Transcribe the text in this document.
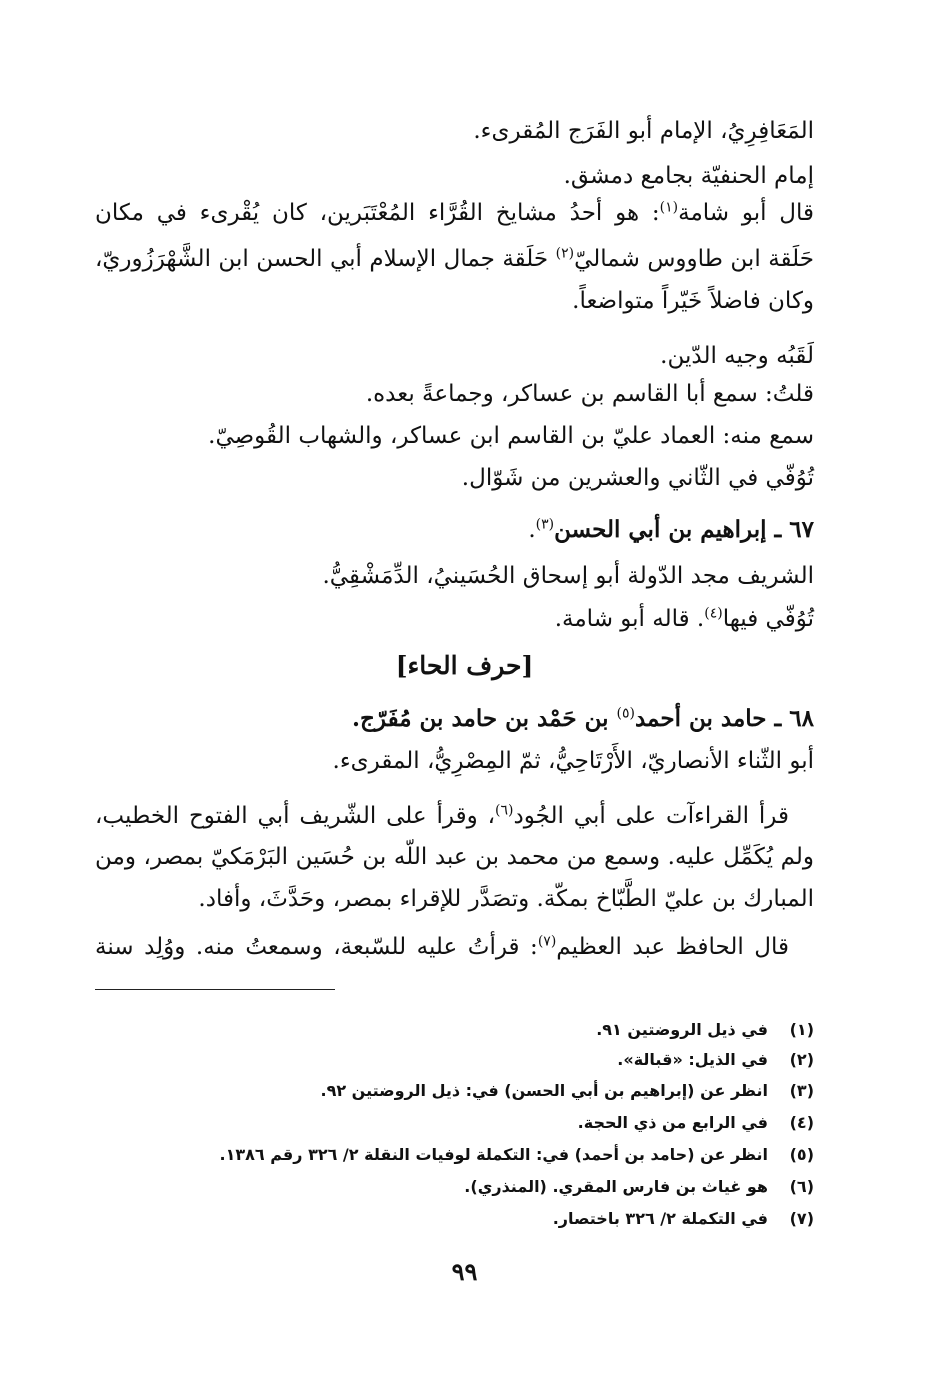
المَعَافِرِيُ، الإمام أبو الفَرَج المُقرىء.

إمام الحنفيّة بجامع دمشق.

قال أبو شامة$^{(١)}$: هو أحدُ مشايخ القُرَّاء المُعْتَبَرين، كان يُقْرىء في مكان

حَلَقة ابن طاووس شماليّ$^{(٢)}$ حَلَقة جمال الإسلام أبي الحسن ابن الشَّهْرَزُوريّ،

وكان فاضلاً خَيّراً متواضعاً.

لَقَبُه وجيه الدّين.

قلتُ: سمع أبا القاسم بن عساكر، وجماعةً بعده.

سمع منه: العماد عليّ بن القاسم ابن عساكر، والشهاب القُوصِيّ.

تُوُفّي في الثّاني والعشرين من شَوّال.

٦٧ ـ إبراهيم بن أبي الحسن$^{(٣)}$.

الشريف مجد الدّولة أبو إسحاق الحُسَينيُ، الدِّمَشْقِيُّ.

تُوُفّي فيها$^{(٤)}$. قاله أبو شامة.

[حرف الحاء]

٦٨ ـ حامد بن أحمد$^{(٥)}$ بن حَمْد بن حامد بن مُفَرّج.

أبو الثّناء الأنصاريّ، الأَرْتَاحِيُّ، ثمّ المِصْرِيُّ، المقرىء.

قرأ القراءآت على أبي الجُود$^{(٦)}$، وقرأ على الشّريف أبي الفتوح الخطيب،

ولم يُكَمِّل عليه. وسمع من محمد بن عبد اللّه بن حُسَين البَرْمَكيّ بمصر، ومن

المبارك بن عليّ الطَّبّاخ بمكّة. وتصَدَّر للإقراء بمصر، وحَدَّثَ، وأفاد.

قال الحافظ عبد العظيم$^{(٧)}$: قرأتُ عليه للسّبعة، وسمعتُ منه. ووُلِد سنة

(١)في ذيل الروضتين ٩١.
(٢)في الذيل: «قبالة».
(٣)انظر عن (إبراهيم بن أبي الحسن) في: ذيل الروضتين ٩٢.
(٤)في الرابع من ذي الحجة.
(٥)انظر عن (حامد بن أحمد) في: التكملة لوفيات النقلة ٢/ ٣٢٦ رقم ١٣٨٦.
(٦)هو غياث بن فارس المقري. (المنذري).
(٧)في التكملة ٢/ ٣٢٦ باختصار.
٩٩
